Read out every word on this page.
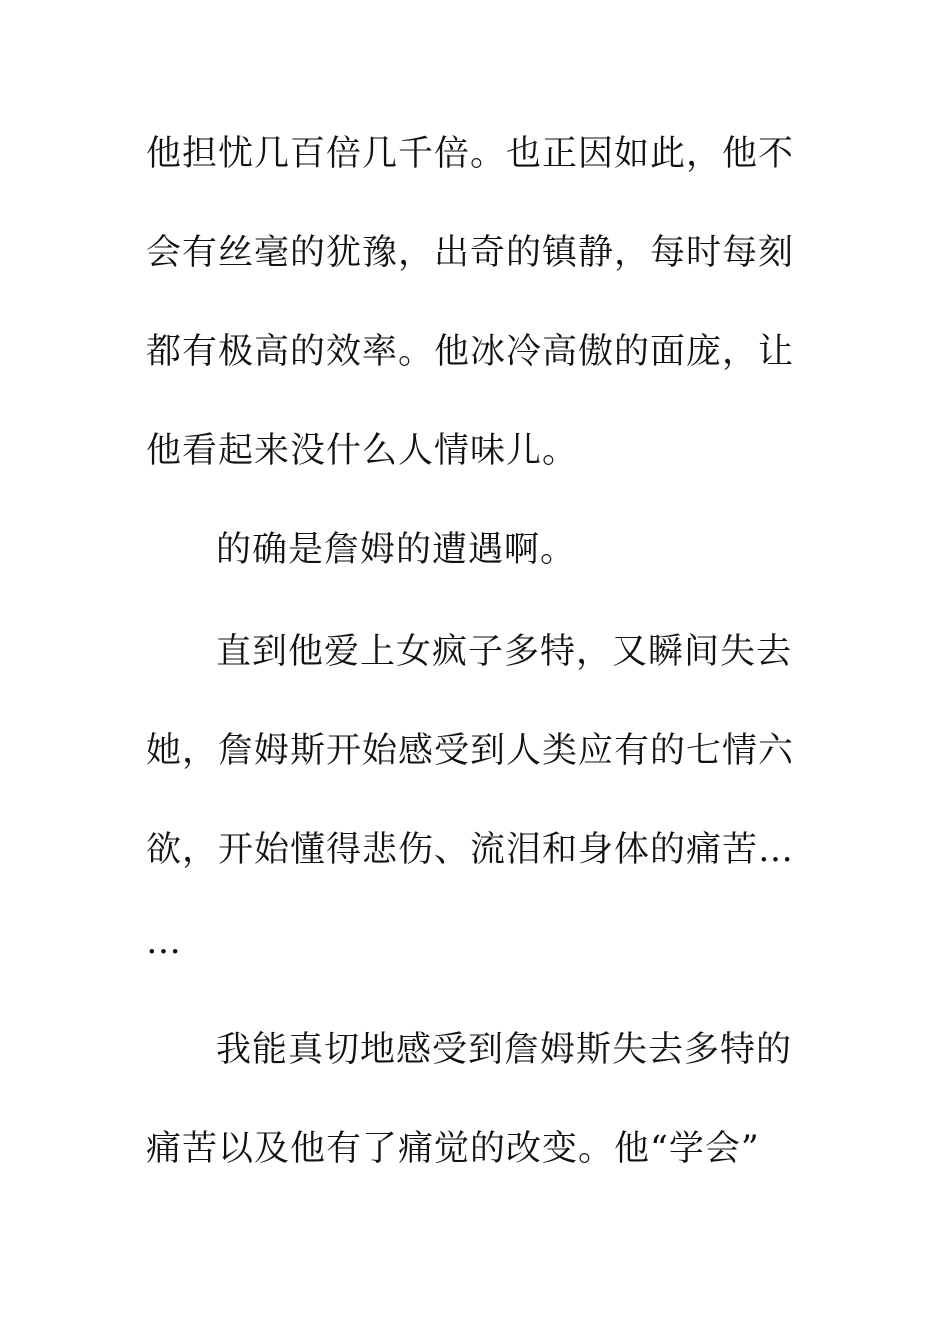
他担忧几百倍几千倍。也正因如此，他不
会有丝毫的犹豫，出奇的镇静，每时每刻
都有极高的效率。他冰冷高傲的面庞，让
他看起来没什么人情味儿。
的确是詹姆的遭遇啊。
直到他爱上女疯子多特，又瞬间失去
她，詹姆斯开始感受到人类应有的七情六
欲，开始懂得悲伤、流泪和身体的痛苦…
…
我能真切地感受到詹姆斯失去多特的
痛苦以及他有了痛觉的改变。他“学会”
